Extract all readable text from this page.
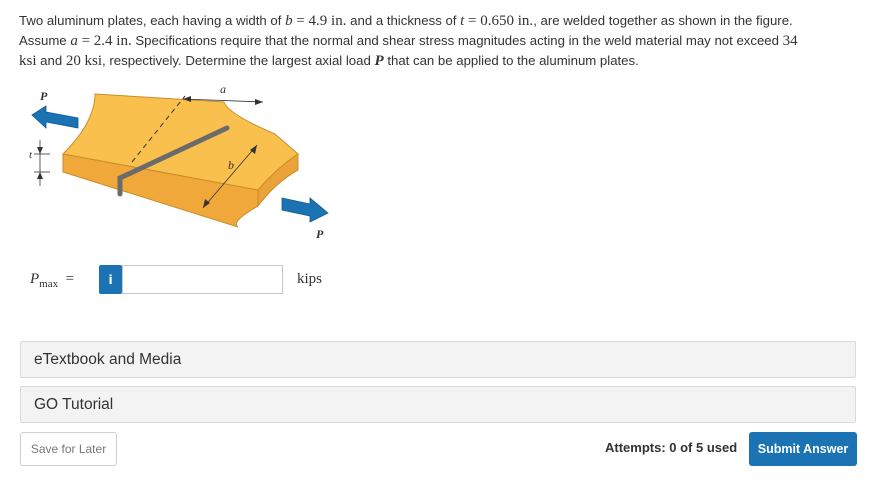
Two aluminum plates, each having a width of b = 4.9 in. and a thickness of t = 0.650 in., are welded together as shown in the figure.
Assume a = 2.4 in. Specifications require that the normal and shear stress magnitudes acting in the weld material may not exceed 34
ksi and 20 ksi, respectively. Determine the largest axial load P that can be applied to the aluminum plates.
a
b
t
P
P
$P_{max}$ =	i	kips
eTextbook and Media
GO Tutorial
Save for Later	Attempts: 0 of 5 used	Submit Answer
